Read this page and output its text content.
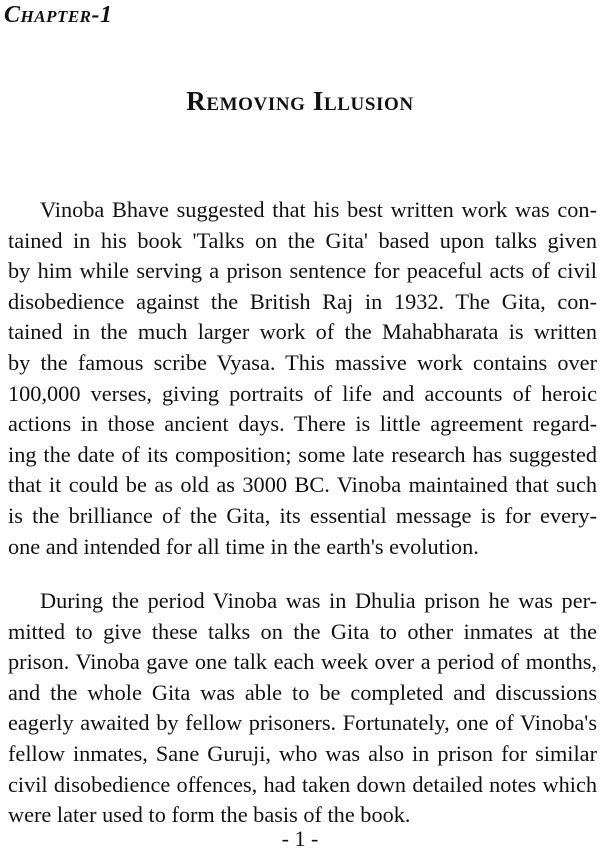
Chapter-1
Removing Illusion
Vinoba Bhave suggested that his best written work was con-
tained in his book 'Talks on the Gita' based upon talks given
by him while serving a prison sentence for peaceful acts of civil
disobedience against the British Raj in 1932. The Gita, con-
tained in the much larger work of the Mahabharata is written
by the famous scribe Vyasa. This massive work contains over
100,000 verses, giving portraits of life and accounts of heroic
actions in those ancient days. There is little agreement regard-
ing the date of its composition; some late research has suggested
that it could be as old as 3000 BC. Vinoba maintained that such
is the brilliance of the Gita, its essential message is for every-
one and intended for all time in the earth's evolution.
During the period Vinoba was in Dhulia prison he was per-
mitted to give these talks on the Gita to other inmates at the
prison. Vinoba gave one talk each week over a period of months,
and the whole Gita was able to be completed and discussions
eagerly awaited by fellow prisoners. Fortunately, one of Vinoba's
fellow inmates, Sane Guruji, who was also in prison for similar
civil disobedience offences, had taken down detailed notes which
were later used to form the basis of the book.
- 1 -
